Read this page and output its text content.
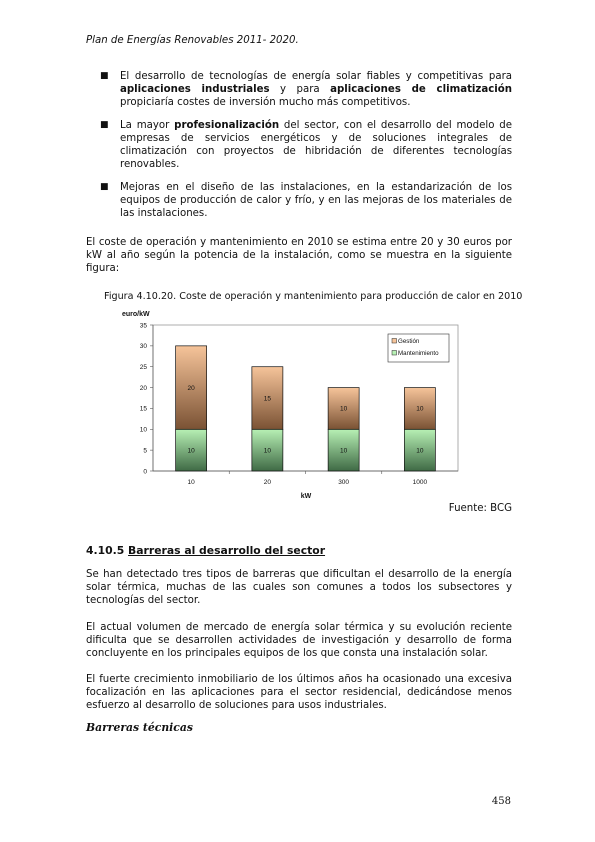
Plan de Energías Renovables 2011- 2020.
■ El desarrollo de tecnologías de energía solar fiables y competitivas para aplicaciones industriales y para aplicaciones de climatización propiciaría costes de inversión mucho más competitivos.
■ La mayor profesionalización del sector, con el desarrollo del modelo de empresas de servicios energéticos y de soluciones integrales de climatización con proyectos de hibridación de diferentes tecnologías renovables.
■ Mejoras en el diseño de las instalaciones, en la estandarización de los equipos de producción de calor y frío, y en las mejoras de los materiales de las instalaciones.

El coste de operación y mantenimiento en 2010 se estima entre 20 y 30 euros por kW al año según la potencia de la instalación, como se muestra en la siguiente figura:

Figura 4.10.20. Coste de operación y mantenimiento para producción de calor en 2010
euro/kW
0
5
10
15
20
25
30
35
10	20	300	1000
10
20
10
15
10
10
10
10
kW
Gestión
Mantenimiento
Fuente: BCG
4.10.5 Barreras al desarrollo del sector

Se han detectado tres tipos de barreras que dificultan el desarrollo de la energía solar térmica, muchas de las cuales son comunes a todos los subsectores y tecnologías del sector.

El actual volumen de mercado de energía solar térmica y su evolución reciente dificulta que se desarrollen actividades de investigación y desarrollo de forma concluyente en los principales equipos de los que consta una instalación solar.

El fuerte crecimiento inmobiliario de los últimos años ha ocasionado una excesiva focalización en las aplicaciones para el sector residencial, dedicándose menos esfuerzo al desarrollo de soluciones para usos industriales.

Barreras técnicas
458
